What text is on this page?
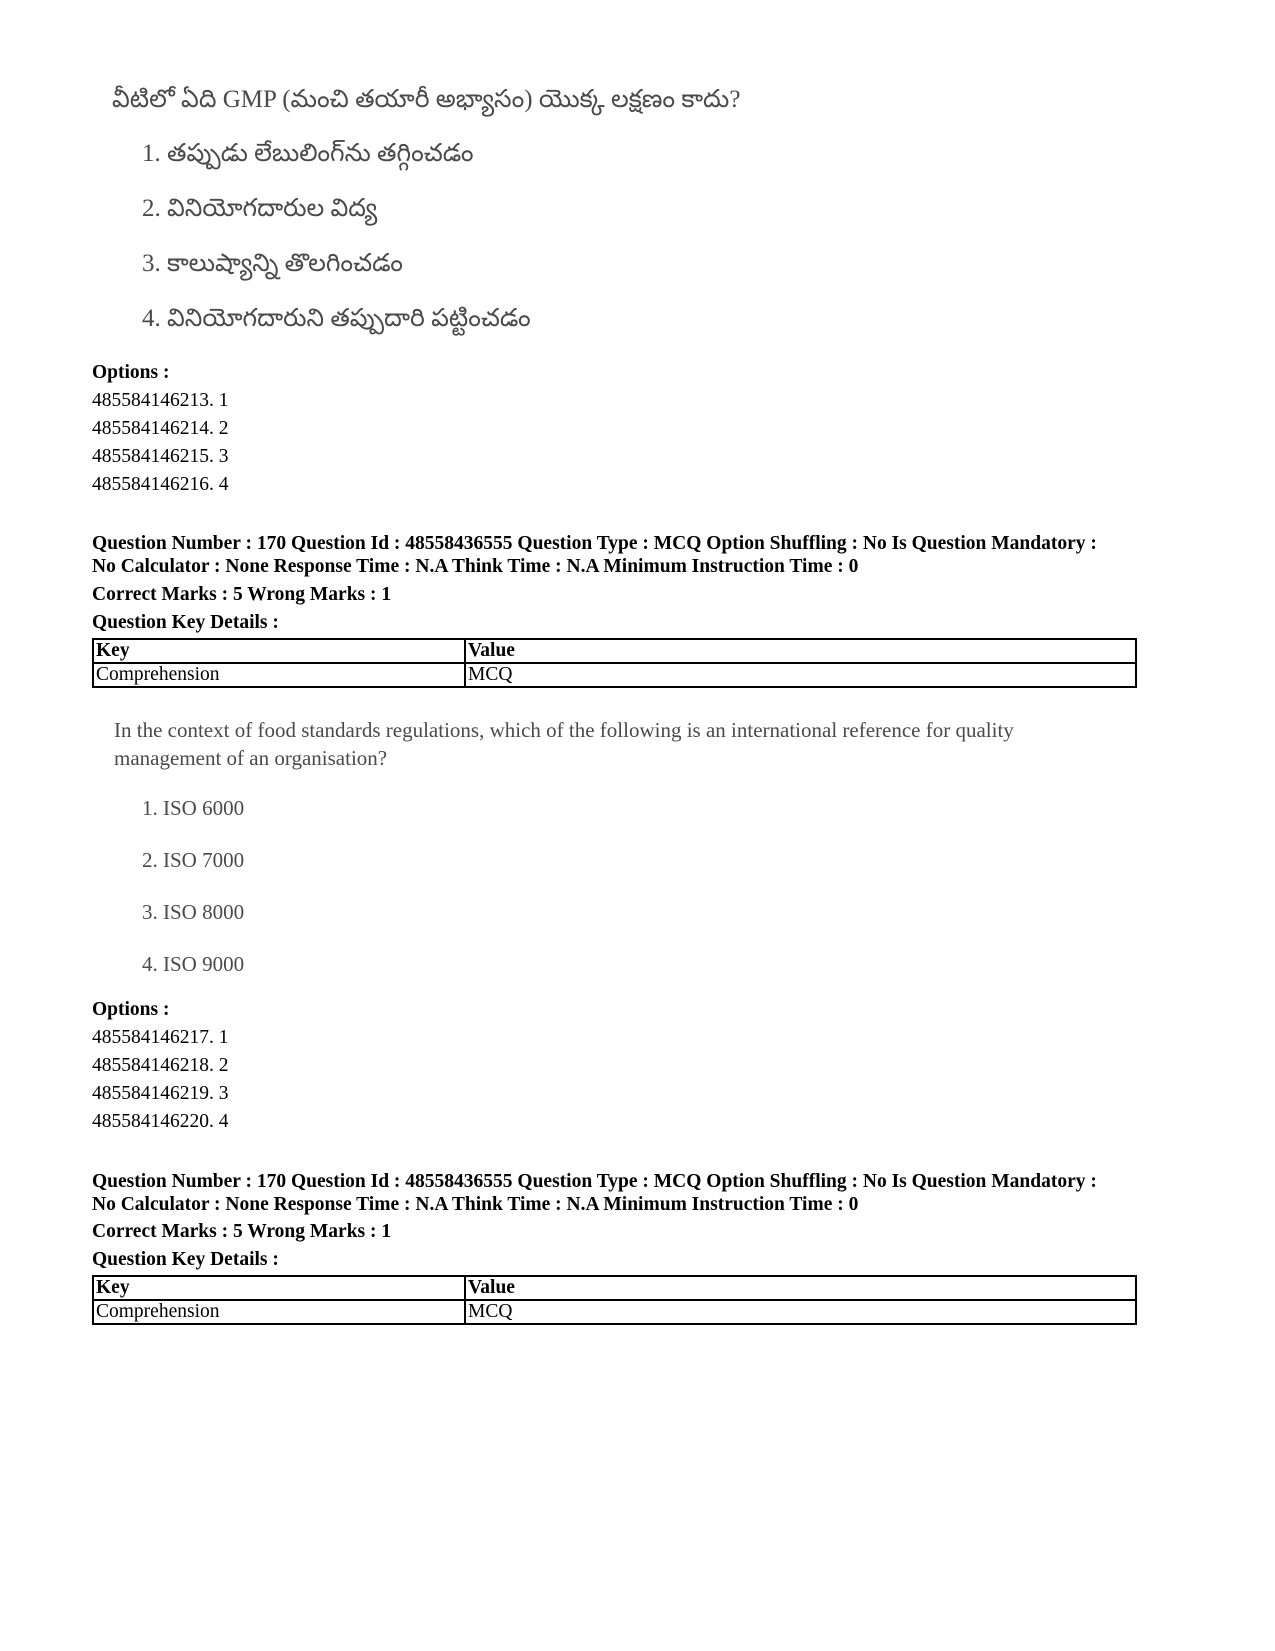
వీటిలో ఏది GMP (మంచి తయారీ అభ్యాసం) యొక్క లక్షణం కాదు?
1. తప్పుడు లేబులింగ్‌ను తగ్గించడం
2. వినియోగదారుల విద్య
3. కాలుష్యాన్ని తొలగించడం
4. వినియోగదారుని తప్పుదారి పట్టించడం
Options :
485584146213. 1
485584146214. 2
485584146215. 3
485584146216. 4
Question Number : 170 Question Id : 48558436555 Question Type : MCQ Option Shuffling : No Is Question Mandatory :
No Calculator : None Response Time : N.A Think Time : N.A Minimum Instruction Time : 0
Correct Marks : 5 Wrong Marks : 1
Question Key Details :
Key	Value
Comprehension	MCQ
In the context of food standards regulations, which of the following is an international reference for quality management of an organisation?
1. ISO 6000
2. ISO 7000
3. ISO 8000
4. ISO 9000
Options :
485584146217. 1
485584146218. 2
485584146219. 3
485584146220. 4
Question Number : 170 Question Id : 48558436555 Question Type : MCQ Option Shuffling : No Is Question Mandatory :
No Calculator : None Response Time : N.A Think Time : N.A Minimum Instruction Time : 0
Correct Marks : 5 Wrong Marks : 1
Question Key Details :
Key	Value
Comprehension	MCQ
